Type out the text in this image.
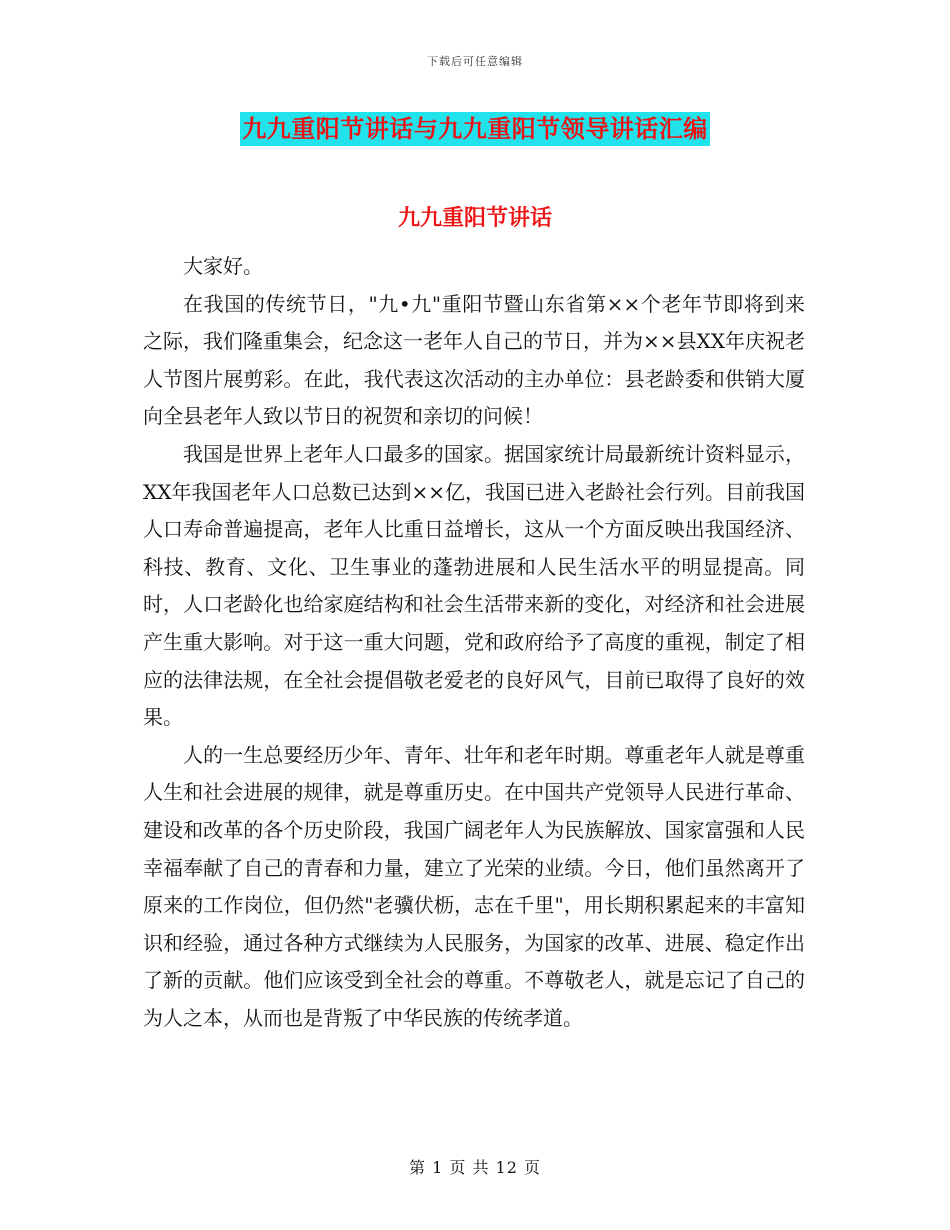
下载后可任意编辑
九九重阳节讲话与九九重阳节领导讲话汇编
九九重阳节讲话

大家好。

在我国的传统节日，"九•九"重阳节暨山东省第××个老年节即将到来之际，我们隆重集会，纪念这一老年人自己的节日，并为××县XX年庆祝老人节图片展剪彩。在此，我代表这次活动的主办单位：县老龄委和供销大厦向全县老年人致以节日的祝贺和亲切的问候！

我国是世界上老年人口最多的国家。据国家统计局最新统计资料显示，XX年我国老年人口总数已达到××亿，我国已进入老龄社会行列。目前我国人口寿命普遍提高，老年人比重日益增长，这从一个方面反映出我国经济、科技、教育、文化、卫生事业的蓬勃进展和人民生活水平的明显提高。同时，人口老龄化也给家庭结构和社会生活带来新的变化，对经济和社会进展产生重大影响。对于这一重大问题，党和政府给予了高度的重视，制定了相应的法律法规，在全社会提倡敬老爱老的良好风气，目前已取得了良好的效果。

人的一生总要经历少年、青年、壮年和老年时期。尊重老年人就是尊重人生和社会进展的规律，就是尊重历史。在中国共产党领导人民进行革命、建设和改革的各个历史阶段，我国广阔老年人为民族解放、国家富强和人民幸福奉献了自己的青春和力量，建立了光荣的业绩。今日，他们虽然离开了原来的工作岗位，但仍然"老骥伏枥，志在千里"，用长期积累起来的丰富知识和经验，通过各种方式继续为人民服务，为国家的改革、进展、稳定作出了新的贡献。他们应该受到全社会的尊重。不尊敬老人，就是忘记了自己的为人之本，从而也是背叛了中华民族的传统孝道。

第 1 页 共 12 页
